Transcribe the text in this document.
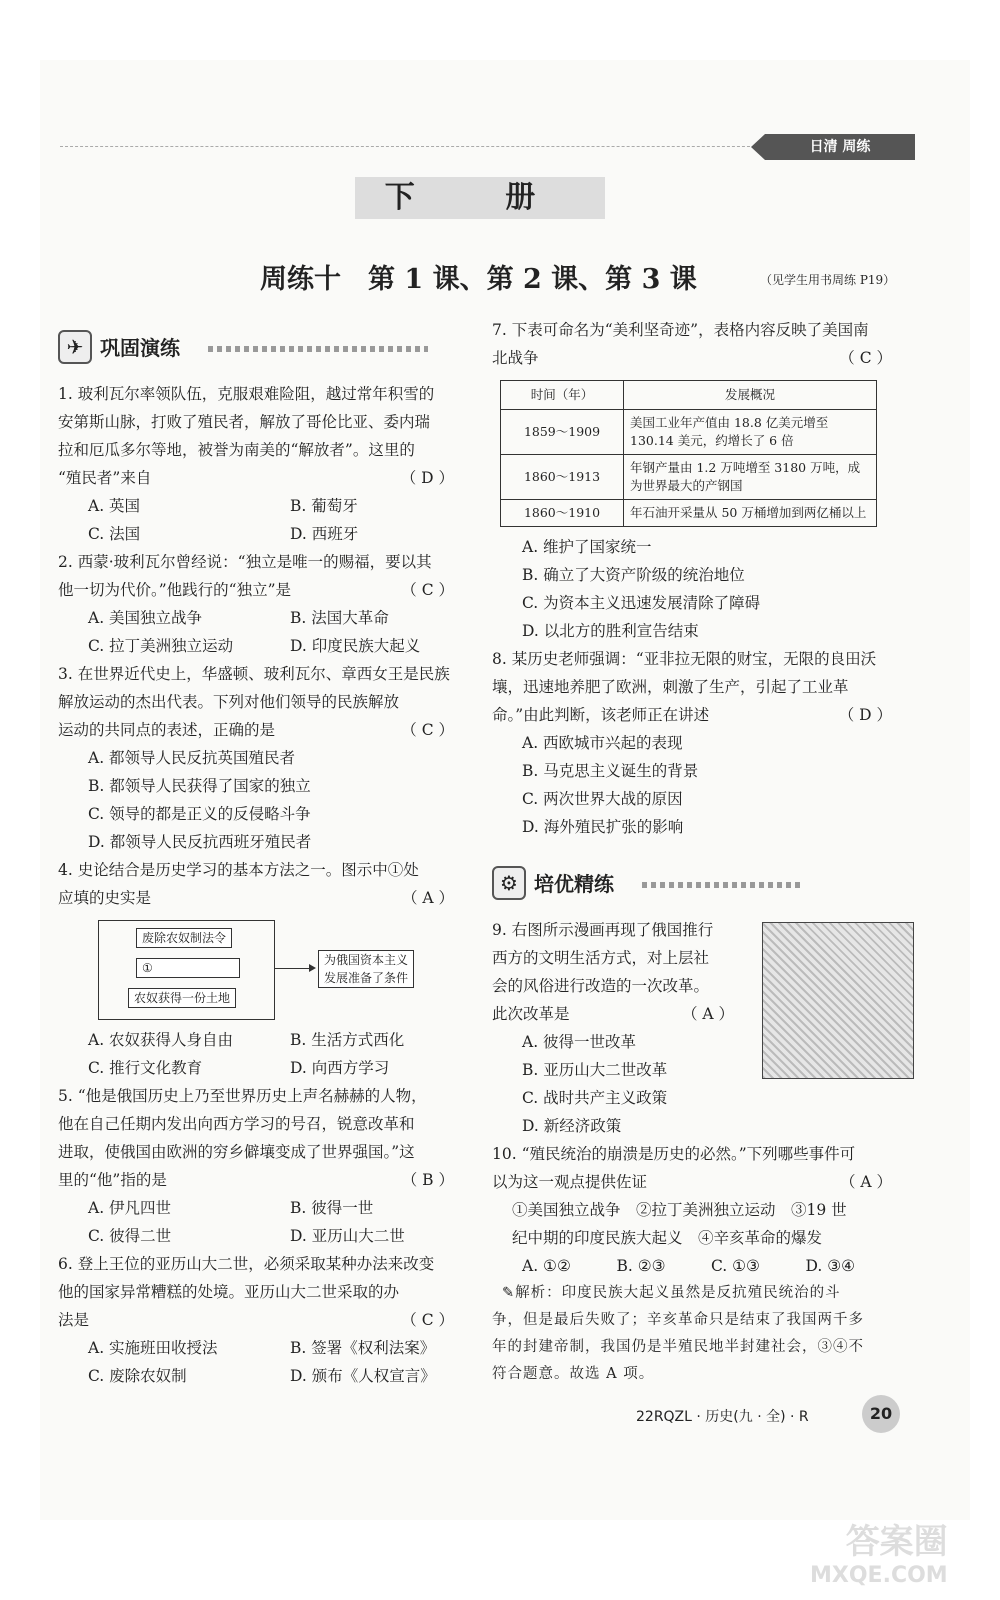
日清 周练
下 册
周练十　第 1 课、第 2 课、第 3 课	（见学生用书周练 P19）
✈ 巩固演练
1. 玻利瓦尔率领队伍，克服艰难险阻，越过常年积雪的
安第斯山脉，打败了殖民者，解放了哥伦比亚、委内瑞
拉和厄瓜多尔等地，被誉为南美的“解放者”。这里的
“殖民者”来自	（ D ）
A. 英国	B. 葡萄牙
C. 法国	D. 西班牙
2. 西蒙·玻利瓦尔曾经说：“独立是唯一的赐福，要以其
他一切为代价。”他践行的“独立”是	（ C ）
A. 美国独立战争	B. 法国大革命
C. 拉丁美洲独立运动	D. 印度民族大起义
3. 在世界近代史上，华盛顿、玻利瓦尔、章西女王是民族
解放运动的杰出代表。下列对他们领导的民族解放
运动的共同点的表述，正确的是	（ C ）
A. 都领导人民反抗英国殖民者
B. 都领导人民获得了国家的独立
C. 领导的都是正义的反侵略斗争
D. 都领导人民反抗西班牙殖民者
4. 史论结合是历史学习的基本方法之一。图示中①处
应填的史实是	（ A ）
废除农奴制法令
①
农奴获得一份土地
为俄国资本主义
发展准备了条件
A. 农奴获得人身自由	B. 生活方式西化
C. 推行文化教育	D. 向西方学习
5. “他是俄国历史上乃至世界历史上声名赫赫的人物，
他在自己任期内发出向西方学习的号召，锐意改革和
进取，使俄国由欧洲的穷乡僻壤变成了世界强国。”这
里的“他”指的是	（ B ）
A. 伊凡四世	B. 彼得一世
C. 彼得二世	D. 亚历山大二世
6. 登上王位的亚历山大二世，必须采取某种办法来改变
他的国家异常糟糕的处境。亚历山大二世采取的办
法是	（ C ）
A. 实施班田收授法	B. 签署《权利法案》
C. 废除农奴制	D. 颁布《人权宣言》
7. 下表可命名为“美利坚奇迹”，表格内容反映了美国南
北战争	（ C ）
时间（年）	发展概况
1859～1909	美国工业年产值由 18.8 亿美元增至 130.14 美元，约增长了 6 倍
1860～1913	年钢产量由 1.2 万吨增至 3180 万吨，成为世界最大的产钢国
1860～1910	年石油开采量从 50 万桶增加到两亿桶以上
A. 维护了国家统一
B. 确立了大资产阶级的统治地位
C. 为资本主义迅速发展清除了障碍
D. 以北方的胜利宣告结束
8. 某历史老师强调：“亚非拉无限的财宝，无限的良田沃
壤，迅速地养肥了欧洲，刺激了生产，引起了工业革
命。”由此判断，该老师正在讲述	（ D ）
A. 西欧城市兴起的表现
B. 马克思主义诞生的背景
C. 两次世界大战的原因
D. 海外殖民扩张的影响
⚙ 培优精练
9. 右图所示漫画再现了俄国推行
西方的文明生活方式，对上层社
会的风俗进行改造的一次改革。
此次改革是	（ A ）
A. 彼得一世改革
B. 亚历山大二世改革
C. 战时共产主义政策
D. 新经济政策
10. “殖民统治的崩溃是历史的必然。”下列哪些事件可
以为这一观点提供佐证	（ A ）
①美国独立战争　②拉丁美洲独立运动　③19 世
纪中期的印度民族大起义　④辛亥革命的爆发
A. ①②	B. ②③	C. ①③	D. ③④
✎解析：印度民族大起义虽然是反抗殖民统治的斗
争，但是最后失败了；辛亥革命只是结束了我国两千多
年的封建帝制，我国仍是半殖民地半封建社会，③④不
符合题意。故选 A 项。
22RQZL · 历史(九 · 全) · R	20
答案圈
MXQE.COM
